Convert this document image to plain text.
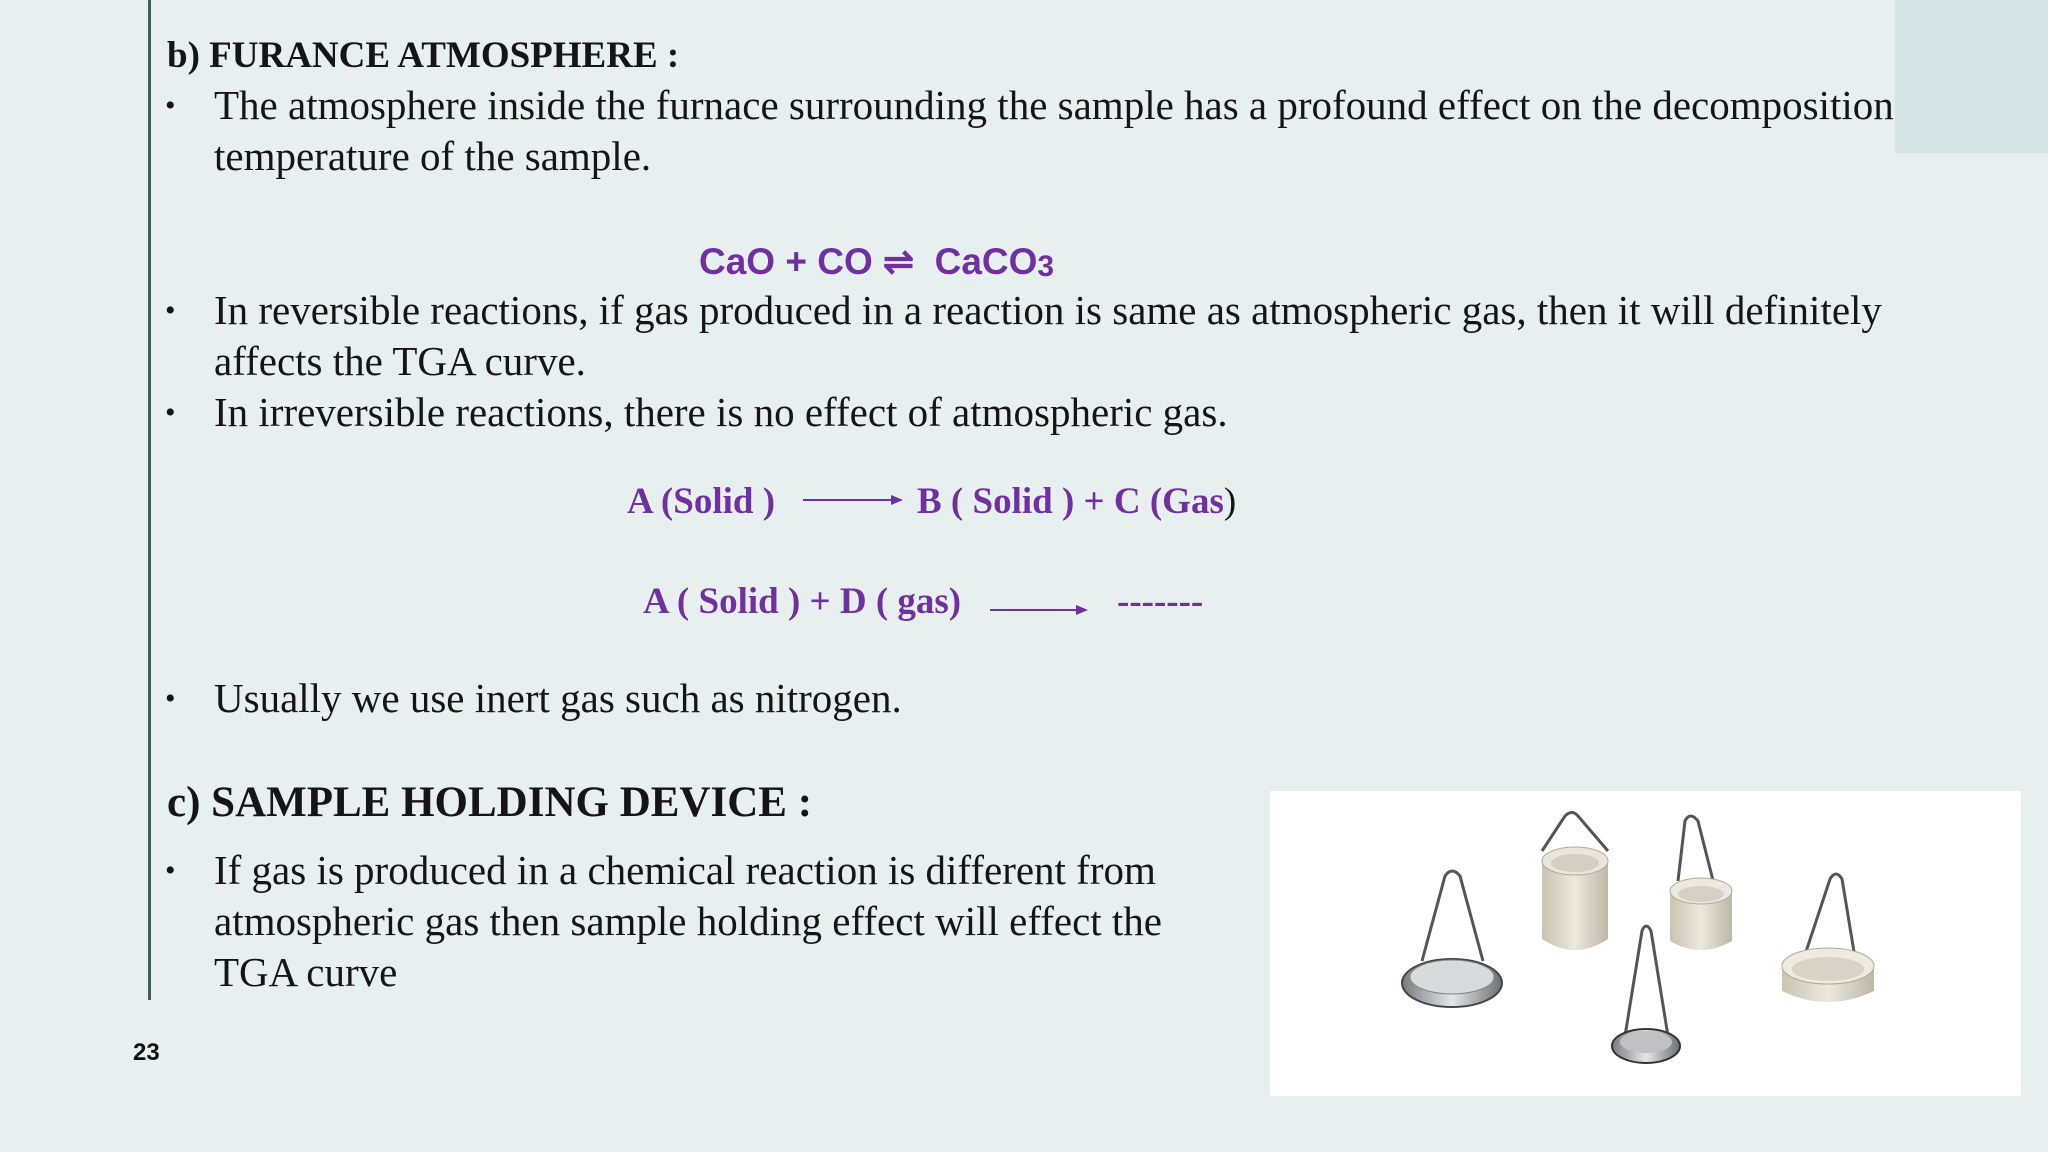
b) FURANCE ATMOSPHERE :
• The atmosphere inside the furnace surrounding the sample has a profound effect on the decomposition
temperature of the sample.
CaO + CO ⇌ CaCO$_3$
• In reversible reactions, if gas produced in a reaction is same as atmospheric gas, then it will definitely
affects the TGA curve.
• In irreversible reactions, there is no effect of atmospheric gas.
A (Solid )	B ( Solid ) + C (Gas)
A ( Solid ) + D ( gas)	-------
• Usually we use inert gas such as nitrogen.
c) SAMPLE HOLDING DEVICE :
• If gas is produced in a chemical reaction is different from
atmospheric gas then sample holding effect will effect the
TGA curve
23
